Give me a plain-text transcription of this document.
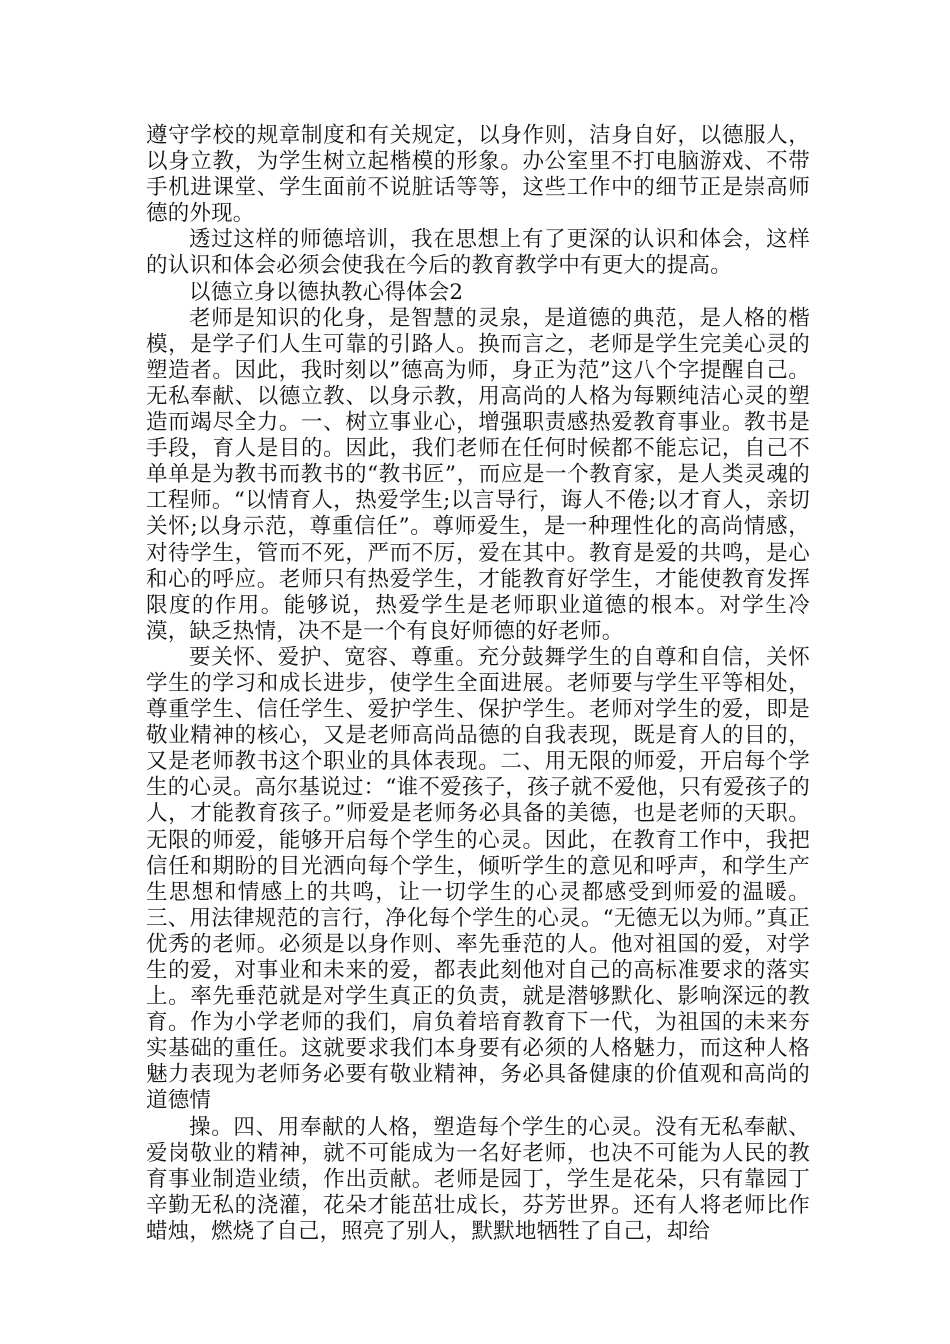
遵守学校的规章制度和有关规定，以身作则，洁身自好，以德服人，以身立教，为学生树立起楷模的形象。办公室里不打电脑游戏、不带手机进课堂、学生面前不说脏话等等，这些工作中的细节正是崇高师德的外现。

透过这样的师德培训，我在思想上有了更深的认识和体会，这样的认识和体会必须会使我在今后的教育教学中有更大的提高。

以德立身以德执教心得体会2

老师是知识的化身，是智慧的灵泉，是道德的典范，是人格的楷模，是学子们人生可靠的引路人。换而言之，老师是学生完美心灵的塑造者。因此，我时刻以”德高为师，身正为范”这八个字提醒自己。无私奉献、以德立教、以身示教，用高尚的人格为每颗纯洁心灵的塑造而竭尽全力。一、树立事业心，增强职责感热爱教育事业。教书是手段，育人是目的。因此，我们老师在任何时候都不能忘记，自己不单单是为教书而教书的“教书匠”，而应是一个教育家，是人类灵魂的工程师。“以情育人，热爱学生;以言导行，诲人不倦;以才育人，亲切关怀;以身示范，尊重信任”。尊师爱生，是一种理性化的高尚情感，对待学生，管而不死，严而不厉，爱在其中。教育是爱的共鸣，是心和心的呼应。老师只有热爱学生，才能教育好学生，才能使教育发挥限度的作用。能够说，热爱学生是老师职业道德的根本。对学生冷漠，缺乏热情，决不是一个有良好师德的好老师。

要关怀、爱护、宽容、尊重。充分鼓舞学生的自尊和自信，关怀学生的学习和成长进步，使学生全面进展。老师要与学生平等相处，尊重学生、信任学生、爱护学生、保护学生。老师对学生的爱，即是敬业精神的核心，又是老师高尚品德的自我表现，既是育人的目的，又是老师教书这个职业的具体表现。二、用无限的师爱，开启每个学生的心灵。高尔基说过：“谁不爱孩子，孩子就不爱他，只有爱孩子的人，才能教育孩子。”师爱是老师务必具备的美德，也是老师的天职。无限的师爱，能够开启每个学生的心灵。因此，在教育工作中，我把信任和期盼的目光洒向每个学生，倾听学生的意见和呼声，和学生产生思想和情感上的共鸣，让一切学生的心灵都感受到师爱的温暖。三、用法律规范的言行，净化每个学生的心灵。“无德无以为师。”真正优秀的老师。必须是以身作则、率先垂范的人。他对祖国的爱，对学生的爱，对事业和未来的爱，都表此刻他对自己的高标准要求的落实上。率先垂范就是对学生真正的负责，就是潜够默化、影响深远的教育。作为小学老师的我们，肩负着培育教育下一代，为祖国的未来夯实基础的重任。这就要求我们本身要有必须的人格魅力，而这种人格魅力表现为老师务必要有敬业精神，务必具备健康的价值观和高尚的道德情

操。四、用奉献的人格，塑造每个学生的心灵。没有无私奉献、爱岗敬业的精神，就不可能成为一名好老师，也决不可能为人民的教育事业制造业绩，作出贡献。老师是园丁，学生是花朵，只有靠园丁辛勤无私的浇灌，花朵才能茁壮成长，芬芳世界。还有人将老师比作蜡烛，燃烧了自己，照亮了别人，默默地牺牲了自己，却给
